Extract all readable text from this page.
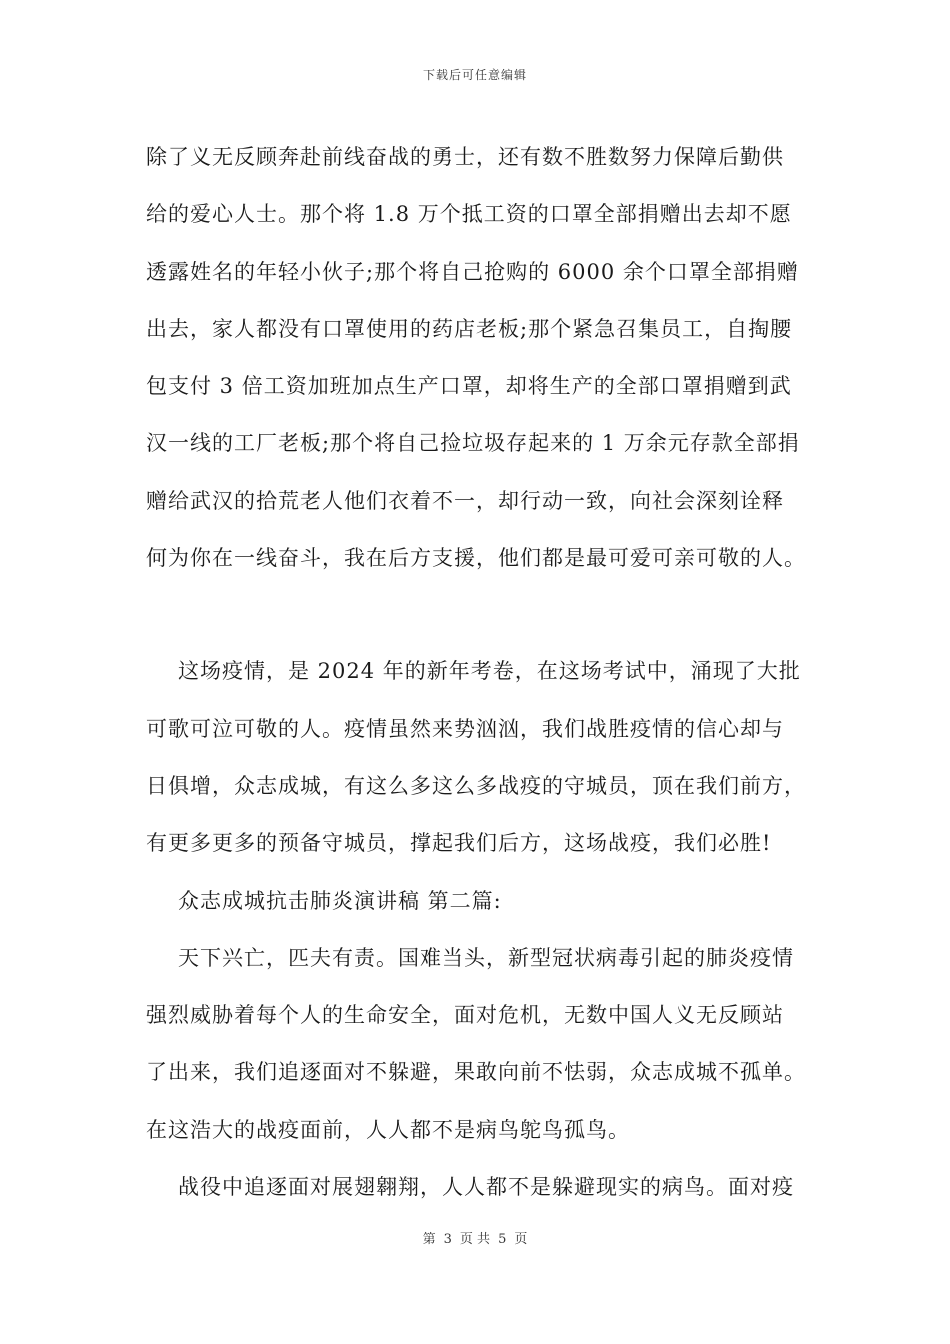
下载后可任意编辑
除了义无反顾奔赴前线奋战的勇士，还有数不胜数努力保障后勤供
给的爱心人士。那个将 1.8 万个抵工资的口罩全部捐赠出去却不愿
透露姓名的年轻小伙子;那个将自己抢购的 6000 余个口罩全部捐赠
出去，家人都没有口罩使用的药店老板;那个紧急召集员工，自掏腰
包支付 3 倍工资加班加点生产口罩，却将生产的全部口罩捐赠到武
汉一线的工厂老板;那个将自己捡垃圾存起来的 1 万余元存款全部捐
赠给武汉的拾荒老人他们衣着不一，却行动一致，向社会深刻诠释
何为你在一线奋斗，我在后方支援，他们都是最可爱可亲可敬的人。
这场疫情，是 2024 年的新年考卷，在这场考试中，涌现了大批
可歌可泣可敬的人。疫情虽然来势汹汹，我们战胜疫情的信心却与
日俱增，众志成城，有这么多这么多战疫的守城员，顶在我们前方，
有更多更多的预备守城员，撑起我们后方，这场战疫，我们必胜!
众志成城抗击肺炎演讲稿 第二篇:
天下兴亡，匹夫有责。国难当头，新型冠状病毒引起的肺炎疫情
强烈威胁着每个人的生命安全，面对危机，无数中国人义无反顾站
了出来，我们追逐面对不躲避，果敢向前不怯弱，众志成城不孤单。
在这浩大的战疫面前，人人都不是病鸟鸵鸟孤鸟。
战役中追逐面对展翅翱翔，人人都不是躲避现实的病鸟。面对疫
第 3 页 共 5 页
